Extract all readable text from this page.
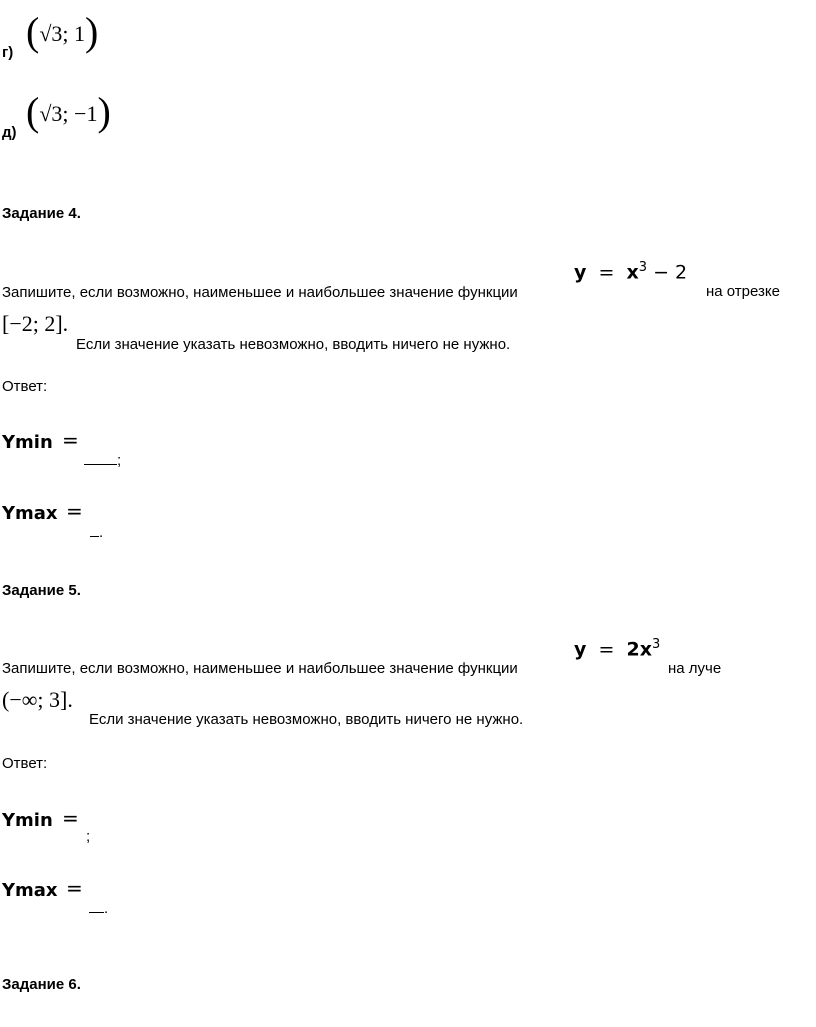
(√3; 1)
г)
(√3; −1)
д)
Задание 4.
$y = x^3 - 2$
Запишите, если возможно, наименьшее и наибольшее значение функции	на отрезке
[−2; 2].
Если значение указать невозможно, вводить ничего не нужно.
Ответ:
Ymin =
;
Ymax =
.
Задание 5.
$y = 2x^3$
Запишите, если возможно, наименьшее и наибольшее значение функции	на луче
(−∞; 3].
Если значение указать невозможно, вводить ничего не нужно.
Ответ:
Ymin =
;
Ymax =
.
Задание 6.
